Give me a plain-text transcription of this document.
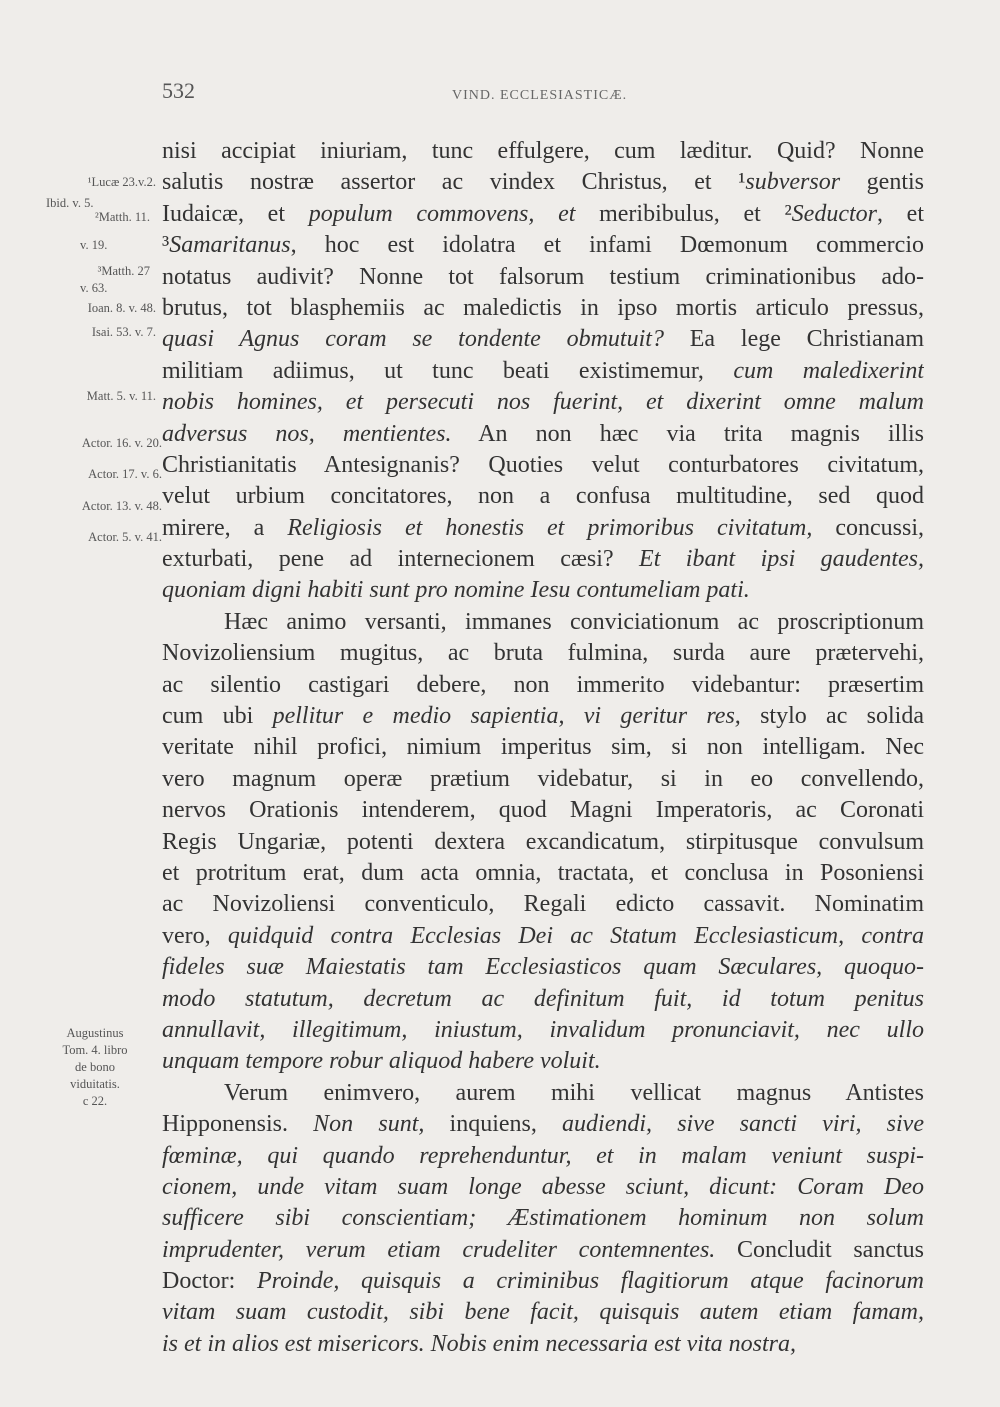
532	VIND. ECCLESIASTICÆ.
¹Lucæ 23.v.2.
Ibid. v. 5.
²Matth. 11.
v. 19.
³Matth. 27
v. 63.
Ioan. 8. v. 48.
Isai. 53. v. 7.
Matt. 5. v. 11.
Actor. 16. v. 20.
Actor. 17. v. 6.
Actor. 13. v. 48.
Actor. 5. v. 41.
Augustinus
Tom. 4. libro
de bono
viduitatis.
c 22.
nisi accipiat iniuriam, tunc effulgere, cum læditur. Quid? Nonne
salutis nostræ assertor ac vindex Christus, et ¹subversor gentis
Iudaicæ, et populum commovens, et meribibulus, et ²Seductor, et
³Samaritanus, hoc est idolatra et infami Dœmonum commercio
notatus audivit? Nonne tot falsorum testium criminationibus ado-
brutus, tot blasphemiis ac maledictis in ipso mortis articulo pressus,
quasi Agnus coram se tondente obmutuit? Ea lege Christianam
militiam adiimus, ut tunc beati existimemur, cum maledixerint
nobis homines, et persecuti nos fuerint, et dixerint omne malum
adversus nos, mentientes. An non hæc via trita magnis illis
Christianitatis Antesignanis? Quoties velut conturbatores civitatum,
velut urbium concitatores, non a confusa multitudine, sed quod
mirere, a Religiosis et honestis et primoribus civitatum, concussi,
exturbati, pene ad internecionem cæsi? Et ibant ipsi gaudentes,
quoniam digni habiti sunt pro nomine Iesu contumeliam pati.
Hæc animo versanti, immanes conviciationum ac proscriptionum
Novizoliensium mugitus, ac bruta fulmina, surda aure prætervehi,
ac silentio castigari debere, non immerito videbantur: præsertim
cum ubi pellitur e medio sapientia, vi geritur res, stylo ac solida
veritate nihil profici, nimium imperitus sim, si non intelligam. Nec
vero magnum operæ prætium videbatur, si in eo convellendo,
nervos Orationis intenderem, quod Magni Imperatoris, ac Coronati
Regis Ungariæ, potenti dextera excandicatum, stirpitusque convulsum
et protritum erat, dum acta omnia, tractata, et conclusa in Posoniensi
ac Novizoliensi conventiculo, Regali edicto cassavit. Nominatim
vero, quidquid contra Ecclesias Dei ac Statum Ecclesiasticum, contra
fideles suæ Maiestatis tam Ecclesiasticos quam Sæculares, quoquo-
modo statutum, decretum ac definitum fuit, id totum penitus
annullavit, illegitimum, iniustum, invalidum pronunciavit, nec ullo
unquam tempore robur aliquod habere voluit.
Verum enimvero, aurem mihi vellicat magnus Antistes
Hipponensis. Non sunt, inquiens, audiendi, sive sancti viri, sive
fœminæ, qui quando reprehenduntur, et in malam veniunt suspi-
cionem, unde vitam suam longe abesse sciunt, dicunt: Coram Deo
sufficere sibi conscientiam; Æstimationem hominum non solum
imprudenter, verum etiam crudeliter contemnentes. Concludit sanctus
Doctor: Proinde, quisquis a criminibus flagitiorum atque facinorum
vitam suam custodit, sibi bene facit, quisquis autem etiam famam,
is et in alios est misericors. Nobis enim necessaria est vita nostra,
